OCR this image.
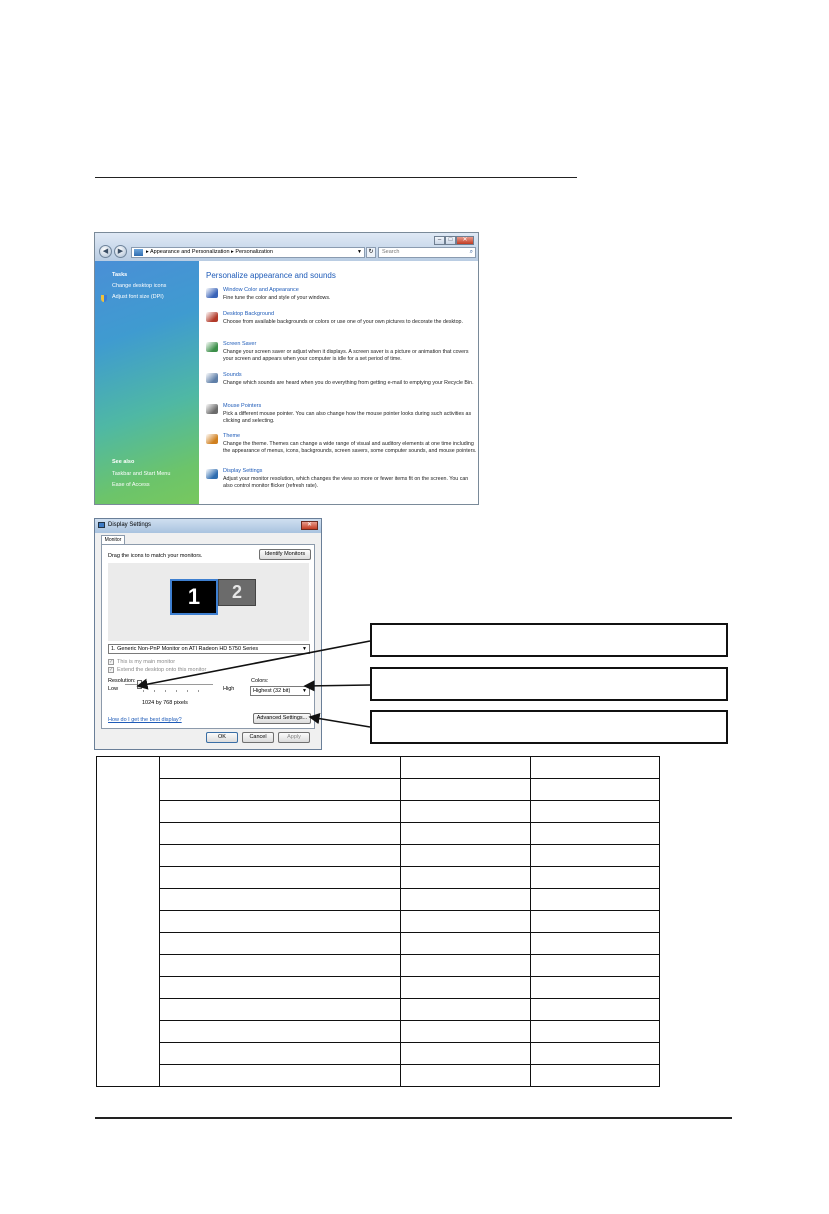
◀	▶	▸ Appearance and Personalization ▸ Personalization	▼	↻	Search	⌕
–	□	✕
Tasks
Change desktop icons
Adjust font size (DPI)
See also
Taskbar and Start Menu
Ease of Access
Personalize appearance and sounds
Window Color and Appearance
Fine tune the color and style of your windows.
Desktop Background
Choose from available backgrounds or colors or use one of your own pictures to decorate the desktop.
Screen Saver
Change your screen saver or adjust when it displays. A screen saver is a picture or animation that covers your screen and appears when your computer is idle for a set period of time.
Sounds
Change which sounds are heard when you do everything from getting e-mail to emptying your Recycle Bin.
Mouse Pointers
Pick a different mouse pointer. You can also change how the mouse pointer looks during such activities as clicking and selecting.
Theme
Change the theme. Themes can change a wide range of visual and auditory elements at one time including the appearance of menus, icons, backgrounds, screen savers, some computer sounds, and mouse pointers.
Display Settings
Adjust your monitor resolution, which changes the view so more or fewer items fit on the screen. You can also control monitor flicker (refresh rate).
Display Settings	✕
Monitor
Drag the icons to match your monitors.	Identify Monitors
1	2
1. Generic Non-PnP Monitor on ATI Radeon HD 5750 Series	▼
✓ This is my main monitor
✓ Extend the desktop onto this monitor
Resolution:
Low	High
1024 by 768 pixels
Colors:
Highest (32 bit) ▼
How do I get the best display?	Advanced Settings...
OK	Cancel	Apply
